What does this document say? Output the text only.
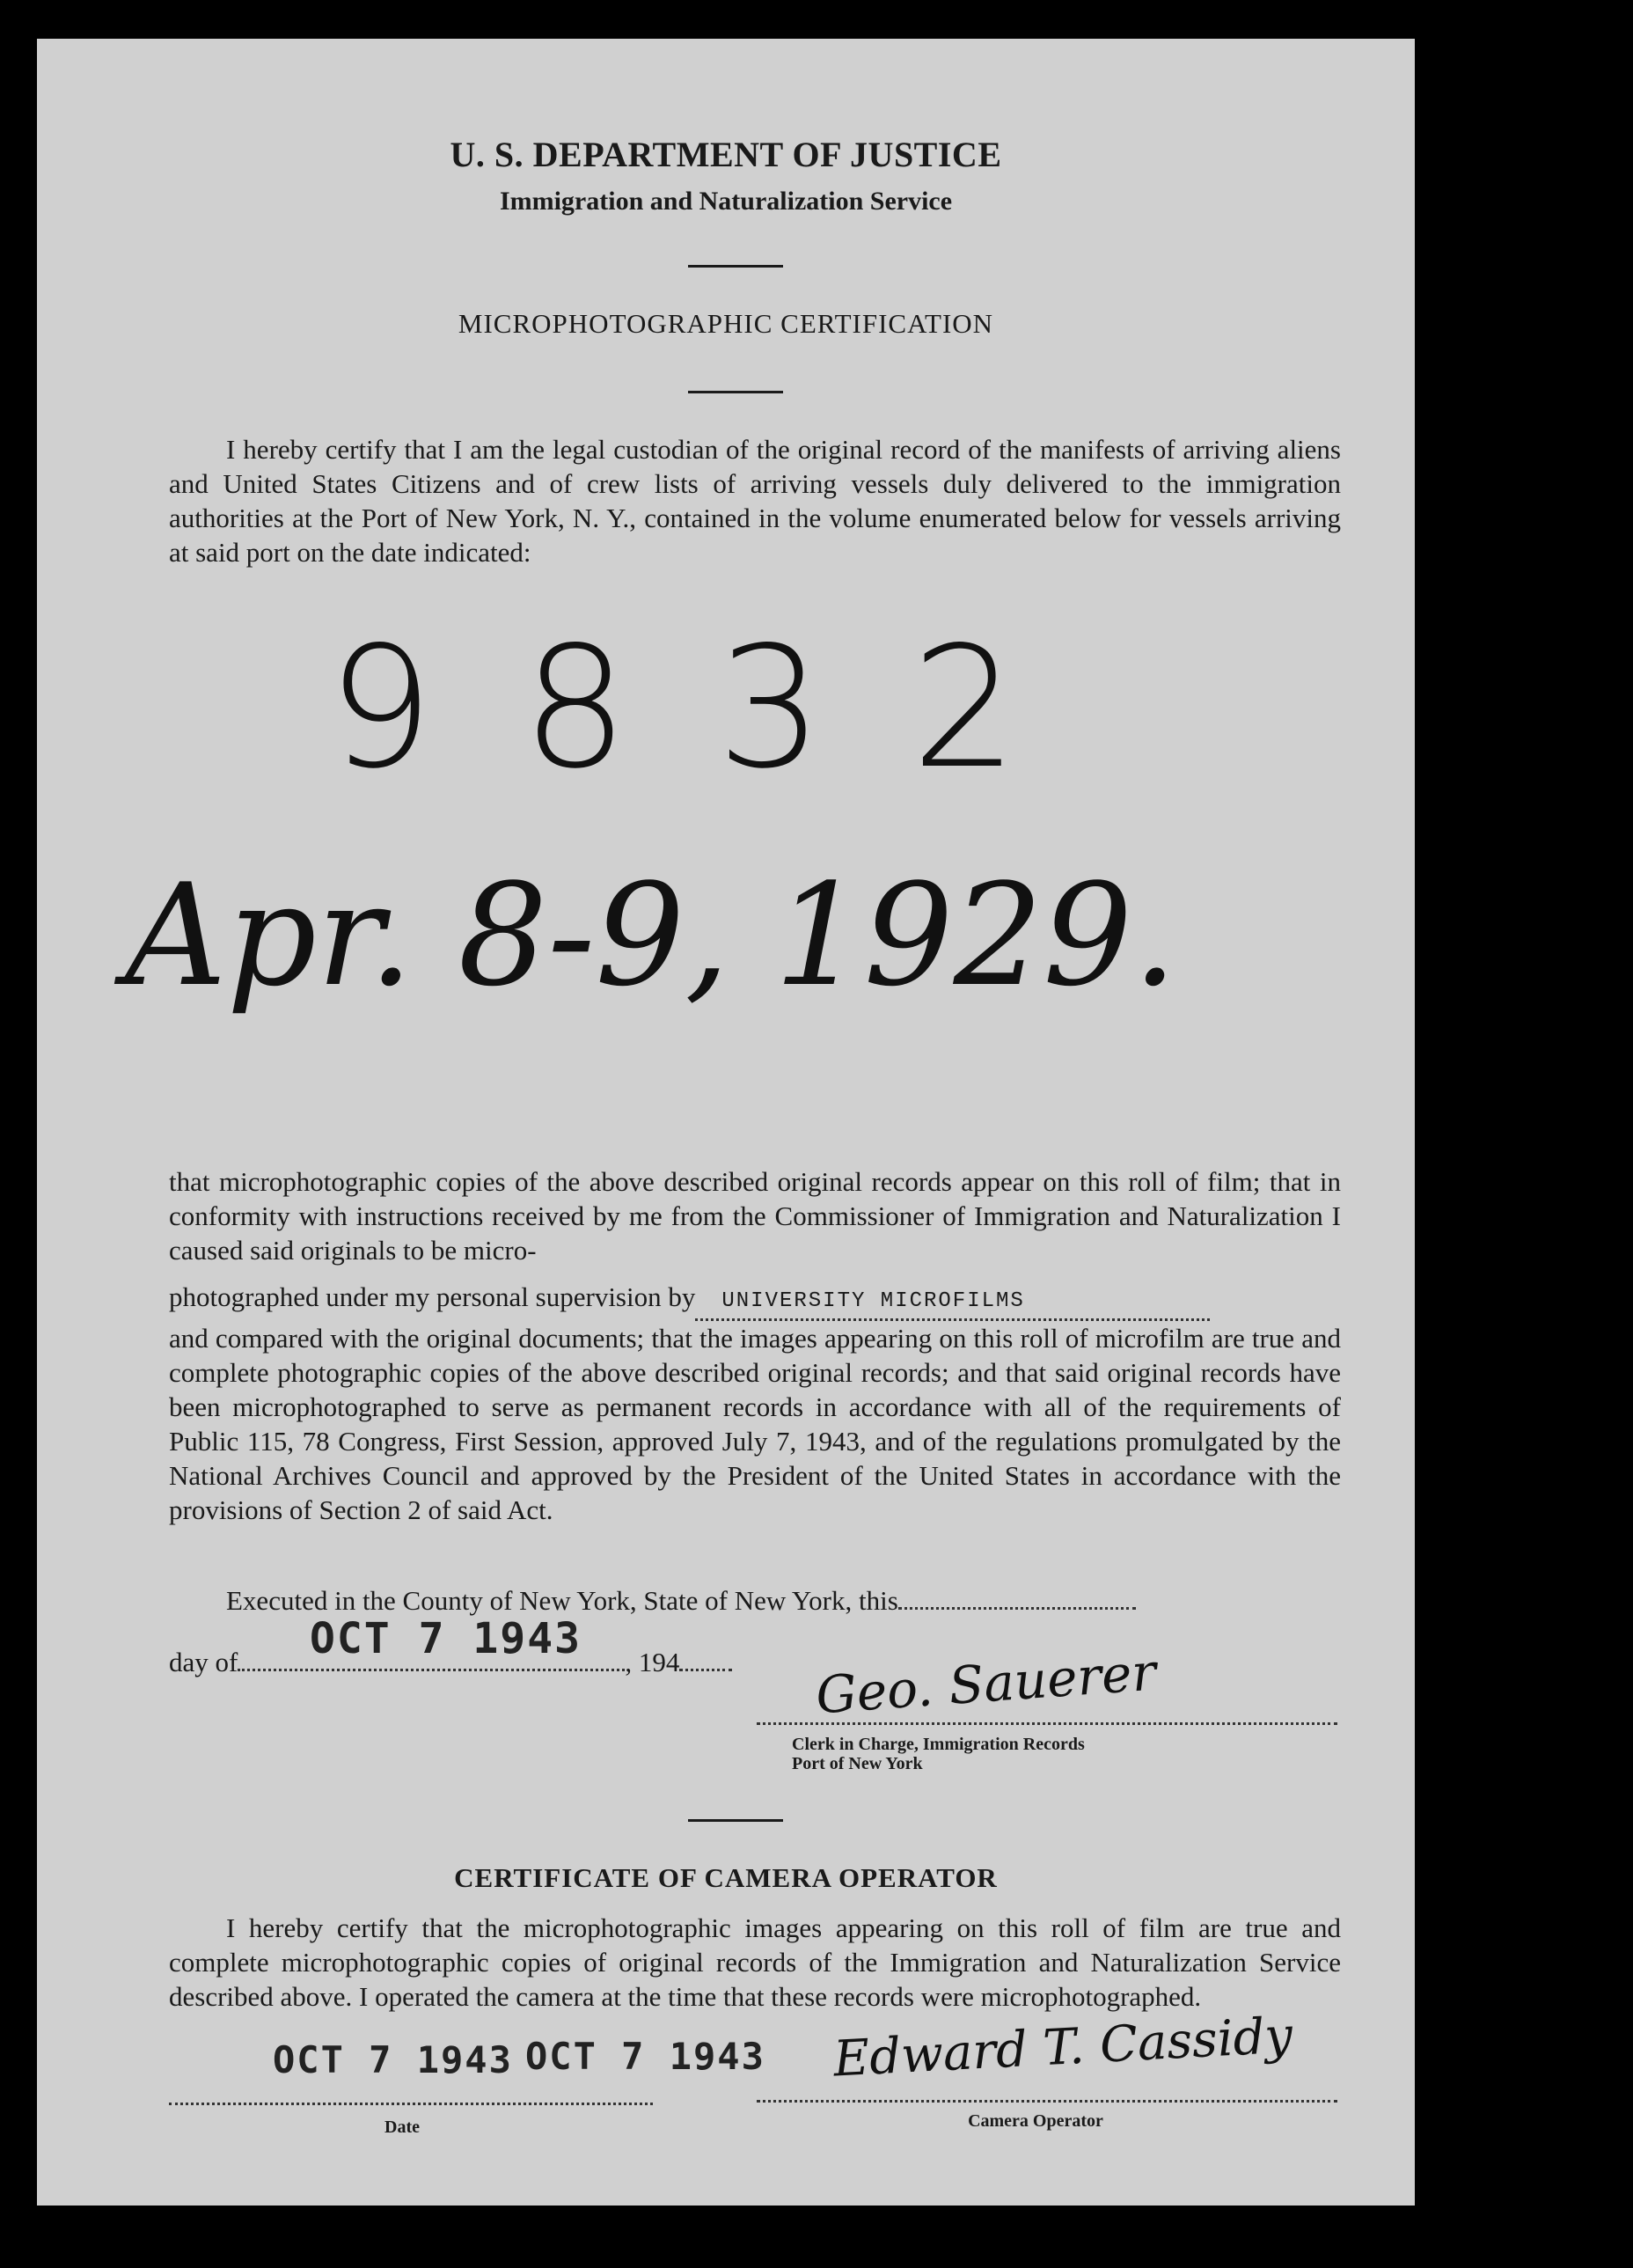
U. S. DEPARTMENT OF JUSTICE
Immigration and Naturalization Service
MICROPHOTOGRAPHIC CERTIFICATION
I hereby certify that I am the legal custodian of the original record of the manifests of arriving aliens and United States Citizens and of crew lists of arriving vessels duly delivered to the immigration authorities at the Port of New York, N. Y., contained in the volume enumerated below for vessels arriving at said port on the date indicated:
9 8 3 2
Apr. 8-9, 1929.
that microphotographic copies of the above described original records appear on this roll of film; that in conformity with instructions received by me from the Commissioner of Immigration and Naturalization I caused said originals to be micro-
photographed under my personal supervision by UNIVERSITY MICROFILMS
and compared with the original documents; that the images appearing on this roll of microfilm are true and complete photographic copies of the above described original records; and that said original records have been microphotographed to serve as permanent records in accordance with all of the requirements of Public 115, 78 Congress, First Session, approved July 7, 1943, and of the regulations promulgated by the National Archives Council and approved by the President of the United States in accordance with the provisions of Section 2 of said Act.
Executed in the County of New York, State of New York, this
day of	, 194
OCT 7 1943
Geo. Sauerer
Clerk in Charge, Immigration Records
Port of New York
CERTIFICATE OF CAMERA OPERATOR
I hereby certify that the microphotographic images appearing on this roll of film are true and complete microphotographic copies of original records of the Immigration and Naturalization Service described above. I operated the camera at the time that these records were microphotographed.
OCT 7 1943 OCT 7 1943 Edward T. Cassidy
Date	Camera Operator
